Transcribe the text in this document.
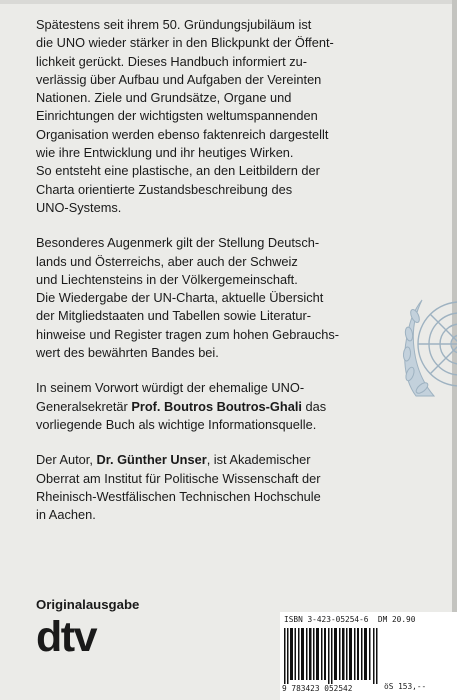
Spätestens seit ihrem 50. Gründungsjubiläum ist
die UNO wieder stärker in den Blickpunkt der Öffent-
lichkeit gerückt. Dieses Handbuch informiert zu-
verlässig über Aufbau und Aufgaben der Vereinten
Nationen. Ziele und Grundsätze, Organe und
Einrichtungen der wichtigsten weltumspannenden
Organisation werden ebenso faktenreich dargestellt
wie ihre Entwicklung und ihr heutiges Wirken.
So entsteht eine plastische, an den Leitbildern der
Charta orientierte Zustandsbeschreibung des
UNO-Systems.

Besonderes Augenmerk gilt der Stellung Deutsch-
lands und Österreichs, aber auch der Schweiz
und Liechtensteins in der Völkergemeinschaft.
Die Wiedergabe der UN-Charta, aktuelle Übersicht
der Mitgliedstaaten und Tabellen sowie Literatur-
hinweise und Register tragen zum hohen Gebrauchs-
wert des bewährten Bandes bei.

In seinem Vorwort würdigt der ehemalige UNO-
Generalsekretär Prof. Boutros Boutros-Ghali das
vorliegende Buch als wichtige Informationsquelle.

Der Autor, Dr. Günther Unser, ist Akademischer
Oberrat am Institut für Politische Wissenschaft der
Rheinisch-Westfälischen Technischen Hochschule
in Aachen.

Originalausgabe
dtv	ISBN 3-423-05254-6 DM 20.90
9 783423 052542	öS 153,--
